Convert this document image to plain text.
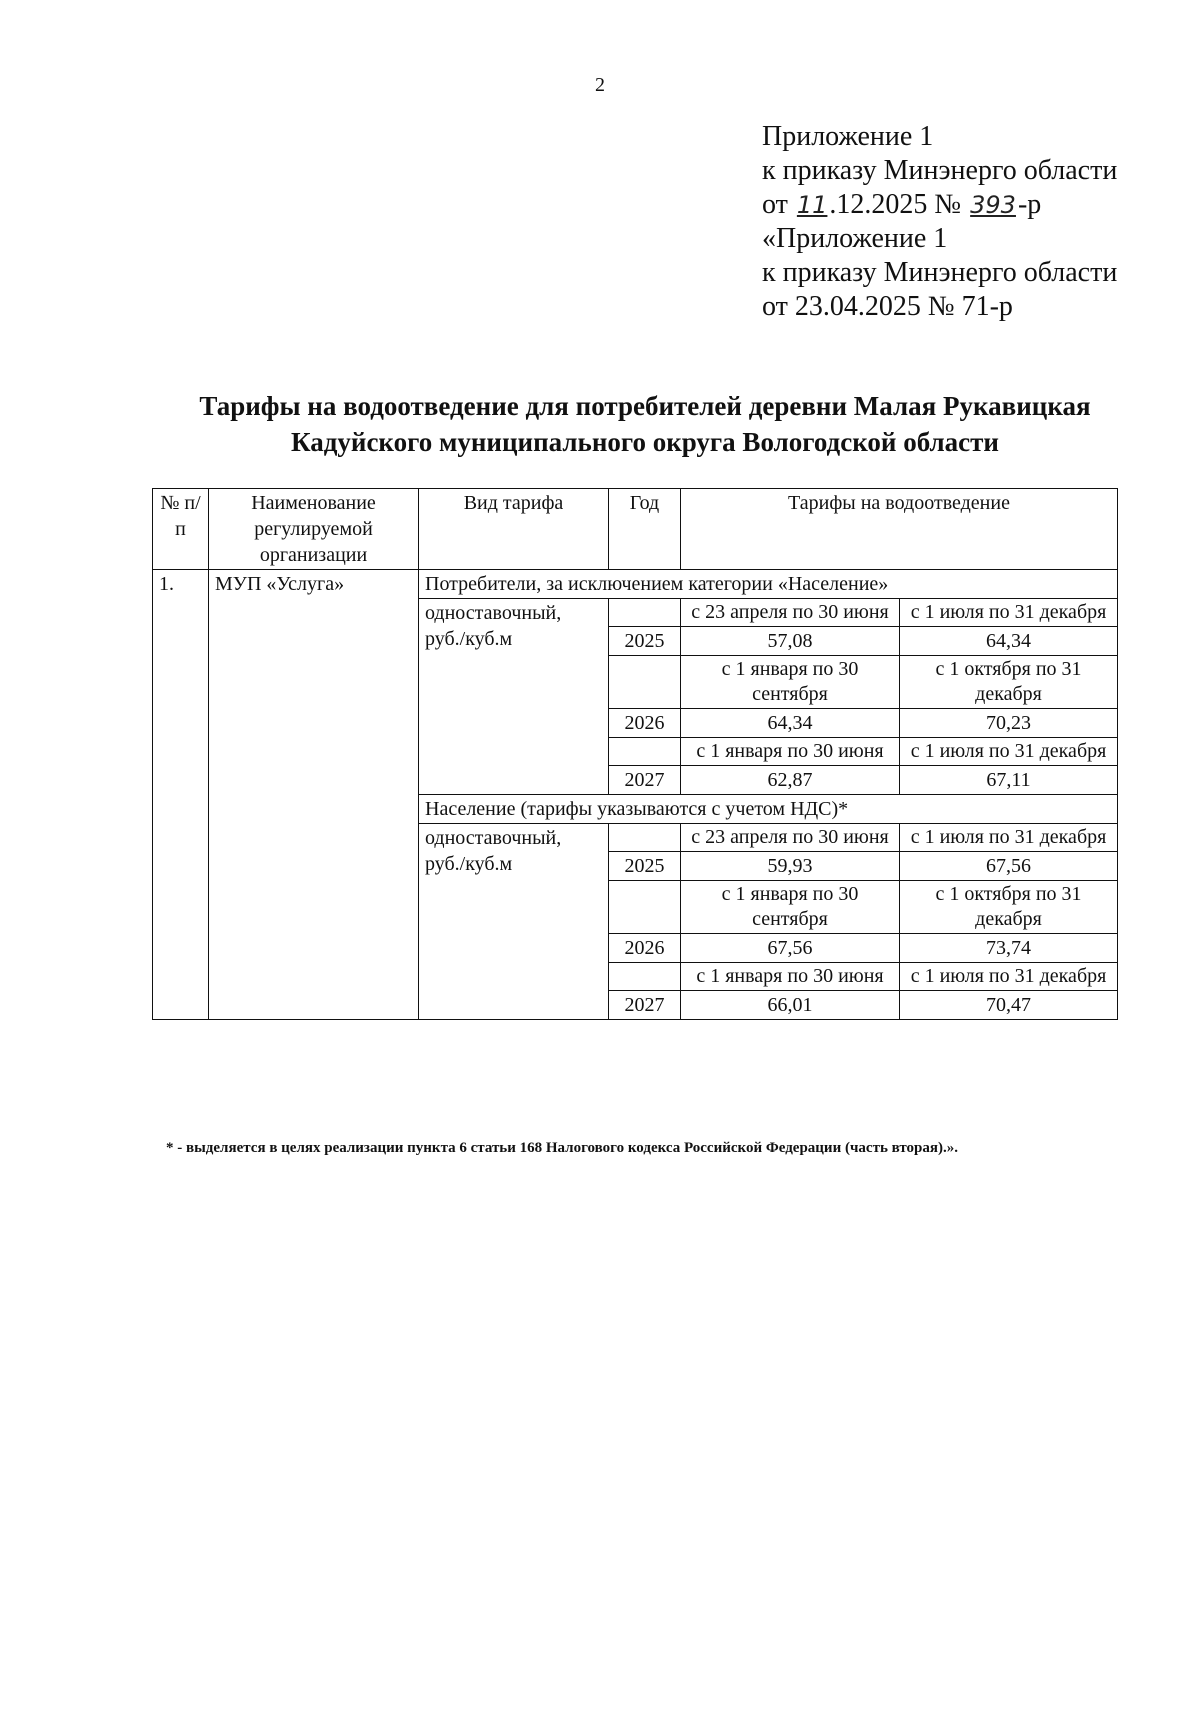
2
Приложение 1
к приказу Минэнерго области
от 11.12.2025 № 393-р
«Приложение 1
к приказу Минэнерго области
от 23.04.2025 № 71-р
Тарифы на водоотведение для потребителей деревни Малая Рукавицкая
Кадуйского муниципального округа Вологодской области
№ п/п	Наименование регулируемой организации	Вид тарифа	Год	Тарифы на водоотведение	
1.	МУП «Услуга»	Потребители, за исключением категории «Население»			
		одноставочный, руб./куб.м		с 23 апреля по 30 июня	с 1 июля по 31 декабря
			2025	57,08	64,34
				с 1 января по 30 сентября	с 1 октября по 31 декабря
			2026	64,34	70,23
				с 1 января по 30 июня	с 1 июля по 31 декабря
			2027	62,87	67,11
		Население (тарифы указываются с учетом НДС)*			
		одноставочный, руб./куб.м		с 23 апреля по 30 июня	с 1 июля по 31 декабря
			2025	59,93	67,56
				с 1 января по 30 сентября	с 1 октября по 31 декабря
			2026	67,56	73,74
				с 1 января по 30 июня	с 1 июля по 31 декабря
			2027	66,01	70,47
* - выделяется в целях реализации пункта 6 статьи 168 Налогового кодекса Российской Федерации (часть вторая).».
